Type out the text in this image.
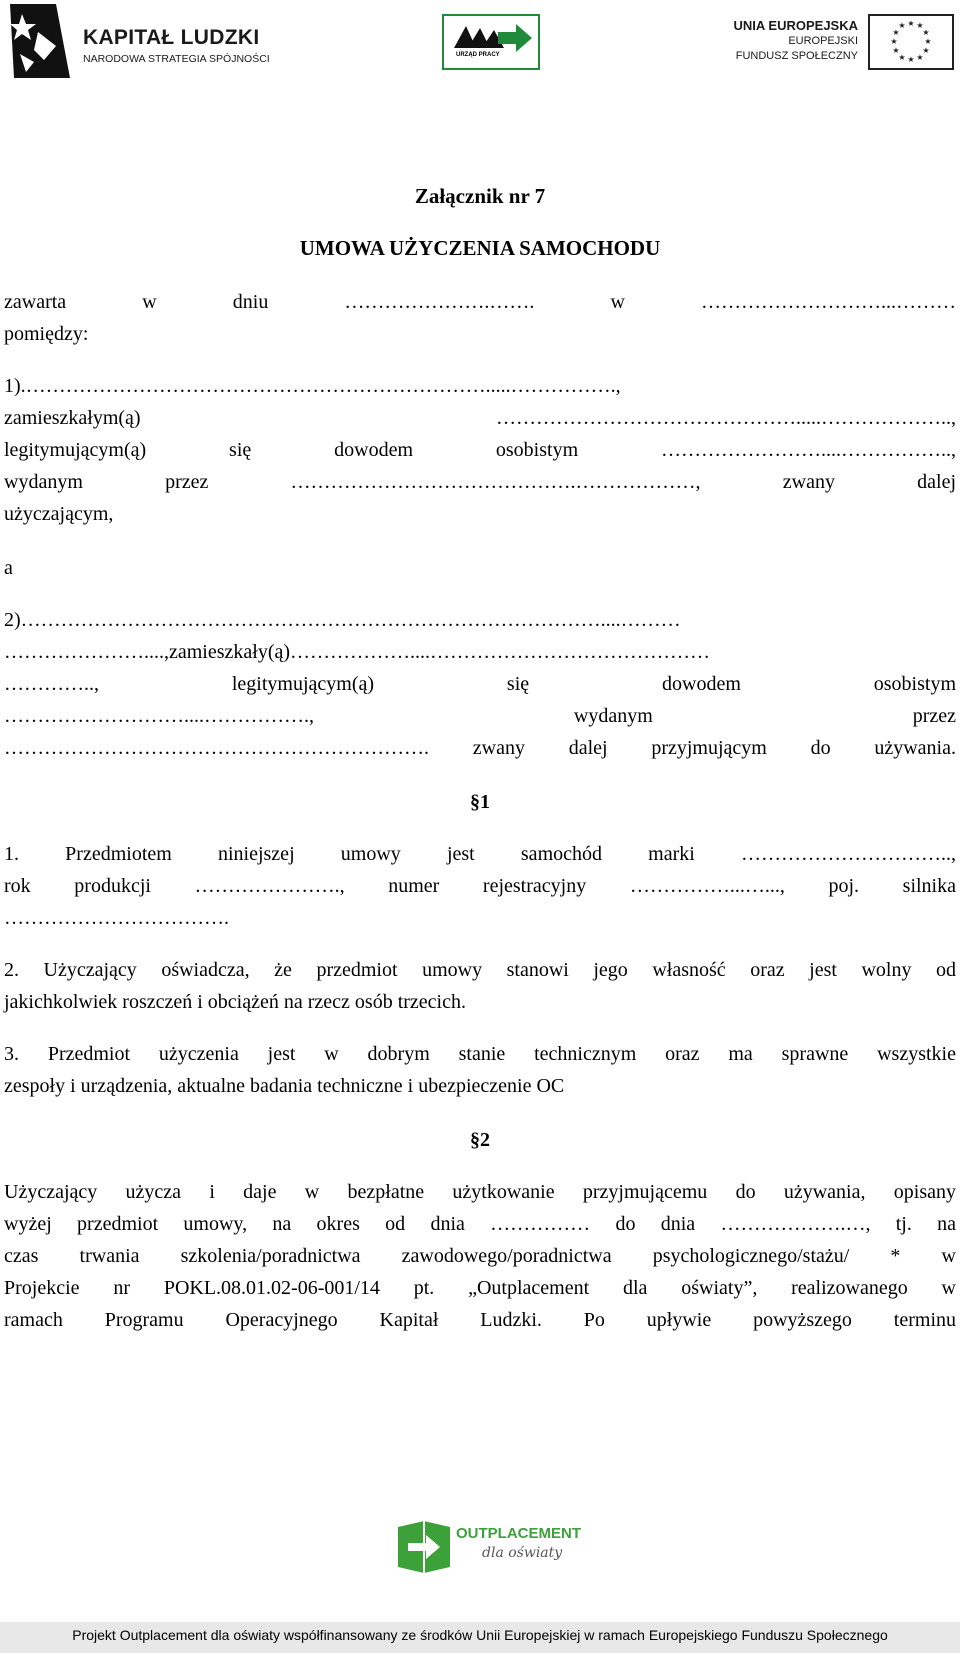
KAPITAŁ LUDZKI
NARODOWA STRATEGIA SPÓJNOŚCI	URZĄD PRACY
UNIA EUROPEJSKA
EUROPEJSKI
FUNDUSZ SPOŁECZNY
★ ★
★
★
★
★
★
★
★
★
★
★
Załącznik nr 7
UMOWA UŻYCZENIA SAMOCHODU
zawarta w dniu ………………….……. w ………………………...………
pomiędzy:
1).…………………………………………………………….....…………….,
zamieszkałym(ą) ……………………………………….....………………..,
legitymującym(ą) się dowodem osobistym ……………………....……………..,
wydanym przez …………………………………….………………, zwany dalej
użyczającym,
a
2)……………………………………………………………………………....………
…………………....,zamieszkały(ą)………………....……………………………………
………….., legitymującym(ą) się dowodem osobistym
………………………....……………., wydanym przez
………………………………………………………. zwany dalej przyjmującym do używania.
§1
1. Przedmiotem niniejszej umowy jest samochód marki …………………………..,
rok produkcji …………………., numer rejestracyjny ……………...…..., poj. silnika
…………………………….
2. Użyczający oświadcza, że przedmiot umowy stanowi jego własność oraz jest wolny od
jakichkolwiek roszczeń i obciążeń na rzecz osób trzecich.
3. Przedmiot użyczenia jest w dobrym stanie technicznym oraz ma sprawne wszystkie
zespoły i urządzenia, aktualne badania techniczne i ubezpieczenie OC
§2
Użyczający użycza i daje w bezpłatne użytkowanie przyjmującemu do używania, opisany
wyżej przedmiot umowy, na okres od dnia …………… do dnia ……………….…, tj. na
czas trwania szkolenia/poradnictwa zawodowego/poradnictwa psychologicznego/stażu/ * w
Projekcie nr POKL.08.01.02-06-001/14 pt. „Outplacement dla oświaty”, realizowanego w
ramach Programu Operacyjnego Kapitał Ludzki. Po upływie powyższego terminu
OUTPLACEMENT
dla oświaty
Projekt Outplacement dla oświaty współfinansowany ze środków Unii Europejskiej w ramach Europejskiego Funduszu Społecznego
